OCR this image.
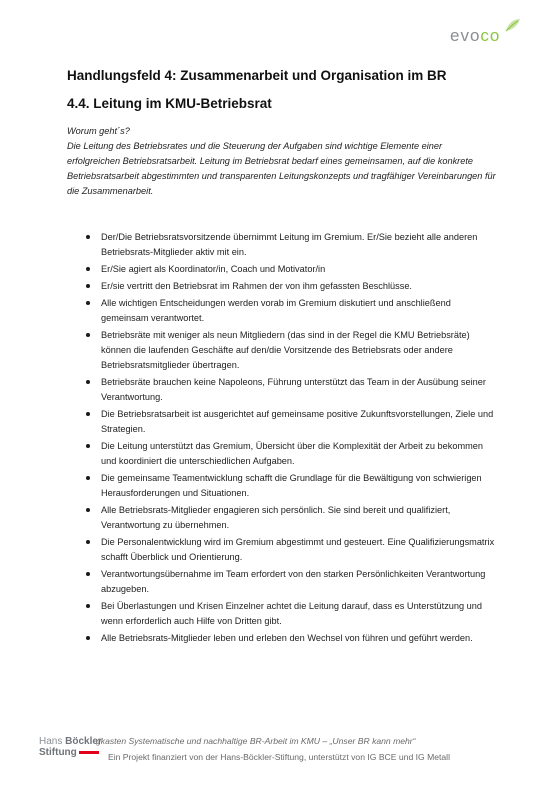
evoco
Handlungsfeld 4: Zusammenarbeit und Organisation im BR
4.4. Leitung im KMU-Betriebsrat

Worum geht´s?

Die Leitung des Betriebsrates und die Steuerung der Aufgaben sind wichtige Elemente einer erfolgreichen Betriebsratsarbeit. Leitung im Betriebsrat bedarf eines gemeinsamen, auf die konkrete Betriebsratsarbeit abgestimmten und transparenten Leitungskonzepts und tragfähiger Vereinbarungen für die Zusammenarbeit.

Der/Die Betriebsratsvorsitzende übernimmt Leitung im Gremium. Er/Sie bezieht alle anderen Betriebsrats-Mitglieder aktiv mit ein.
Er/Sie agiert als Koordinator/in, Coach und Motivator/in
Er/sie vertritt den Betriebsrat im Rahmen der von ihm gefassten Beschlüsse.
Alle wichtigen Entscheidungen werden vorab im Gremium diskutiert und anschließend gemeinsam verantwortet.
Betriebsräte mit weniger als neun Mitgliedern (das sind in der Regel die KMU Betriebsräte) können die laufenden Geschäfte auf den/die Vorsitzende des Betriebsrats oder andere Betriebsratsmitglieder übertragen.
Betriebsräte brauchen keine Napoleons, Führung unterstützt das Team in der Ausübung seiner Verantwortung.
Die Betriebsratsarbeit ist ausgerichtet auf gemeinsame positive Zukunftsvorstellungen, Ziele und Strategien.
Die Leitung unterstützt das Gremium, Übersicht über die Komplexität der Arbeit zu bekommen und koordiniert die unterschiedlichen Aufgaben.
Die gemeinsame Teamentwicklung schafft die Grundlage für die Bewältigung von schwierigen Herausforderungen und Situationen.
Alle Betriebsrats-Mitglieder engagieren sich persönlich. Sie sind bereit und qualifiziert, Verantwortung zu übernehmen.
Die Personalentwicklung wird im Gremium abgestimmt und gesteuert. Eine Qualifizierungsmatrix schafft Überblick und Orientierung.
Verantwortungsübernahme im Team erfordert von den starken Persönlichkeiten Verantwortung abzugeben.
Bei Überlastungen und Krisen Einzelner achtet die Leitung darauf, dass es Unterstützung und wenn erforderlich auch Hilfe von Dritten gibt.
Alle Betriebsrats-Mitglieder leben und erleben den Wechsel von führen und geführt werden.
Hans Böckler
Stiftung
gkasten Systematische und nachhaltige BR-Arbeit im KMU – „Unser BR kann mehr“
Ein Projekt finanziert von der Hans-Böckler-Stiftung, unterstützt von IG BCE und IG Metall
